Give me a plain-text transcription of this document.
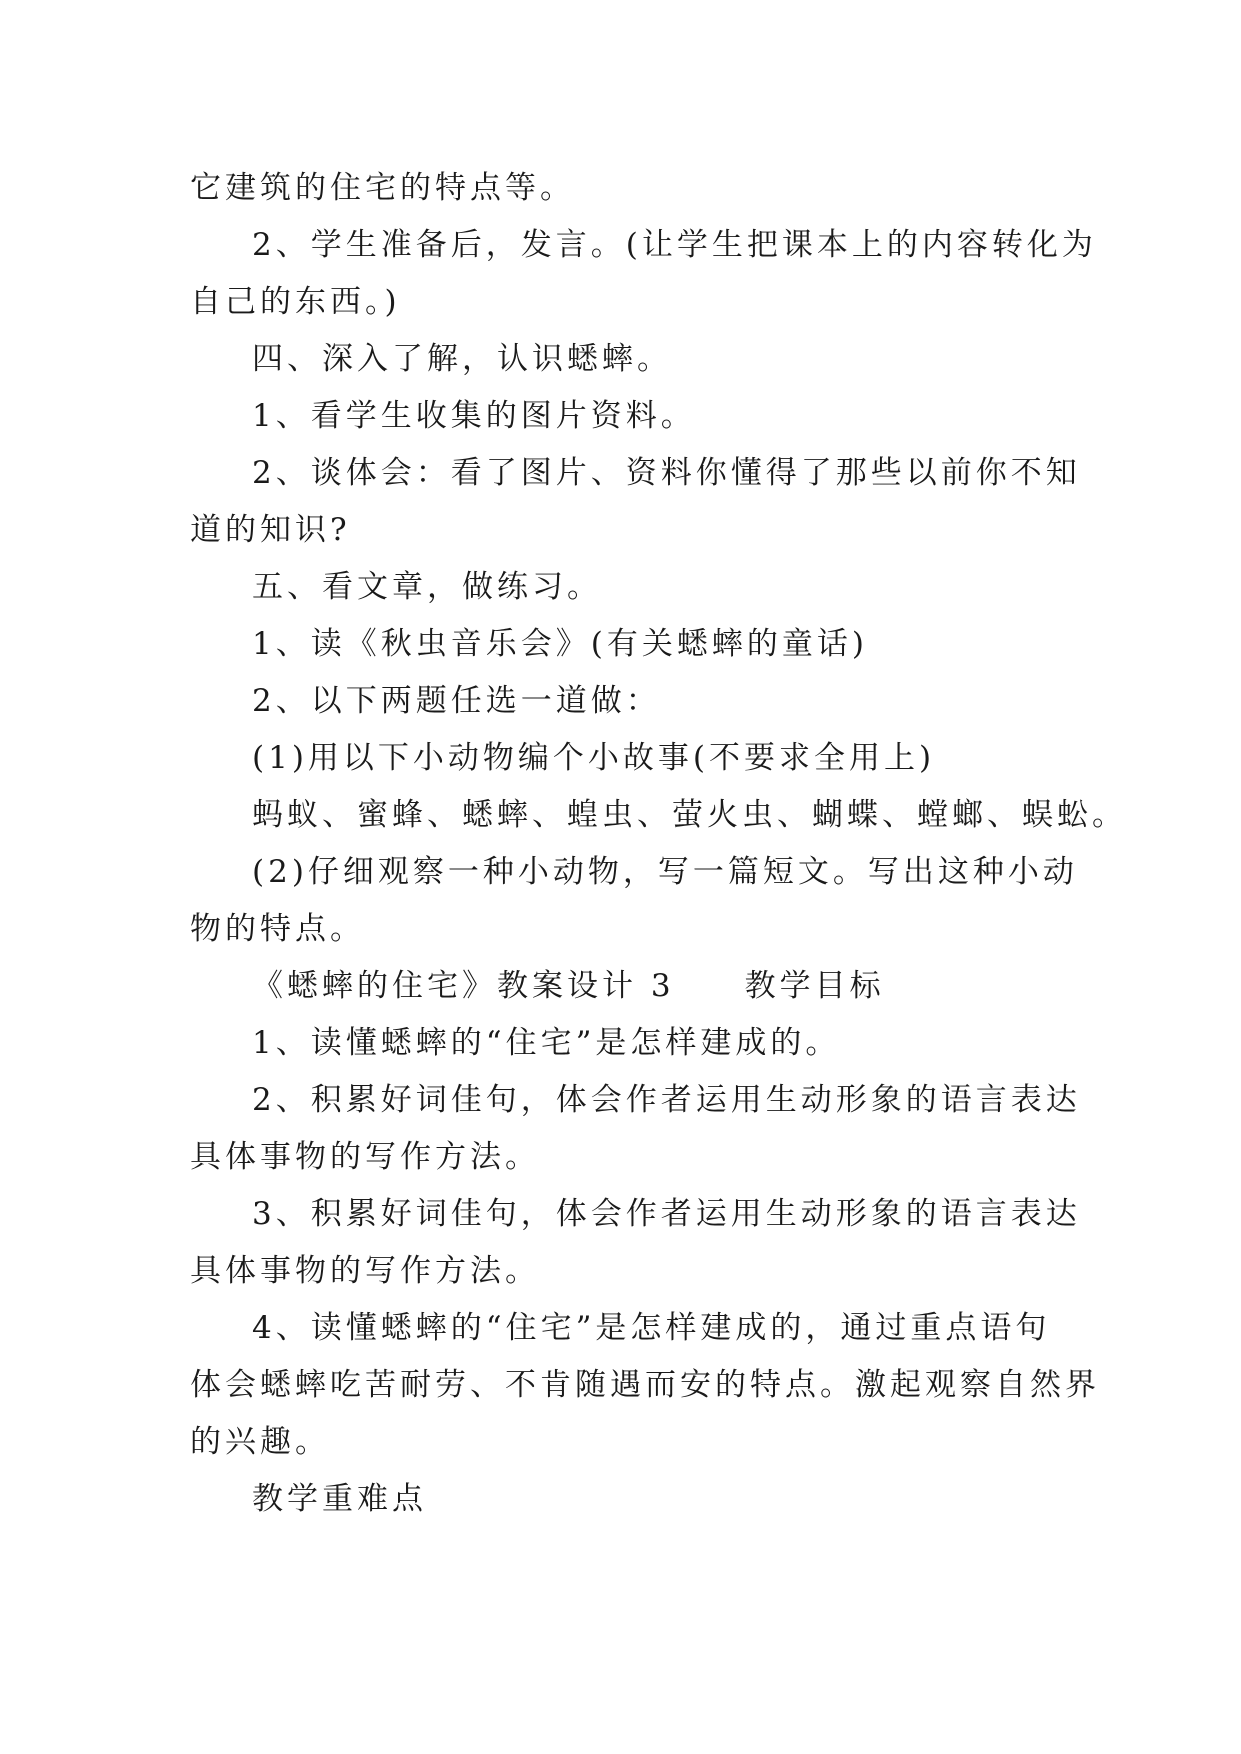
它建筑的住宅的特点等。

2、学生准备后，发言。(让学生把课本上的内容转化为

自己的东西。)

四、深入了解，认识蟋蟀。

1、看学生收集的图片资料。

2、谈体会：看了图片、资料你懂得了那些以前你不知

道的知识?

五、看文章，做练习。

1、读《秋虫音乐会》(有关蟋蟀的童话)

2、以下两题任选一道做：

(1)用以下小动物编个小故事(不要求全用上)

蚂蚁、蜜蜂、蟋蟀、蝗虫、萤火虫、蝴蝶、螳螂、蜈蚣。

(2)仔细观察一种小动物，写一篇短文。写出这种小动

物的特点。

《蟋蟀的住宅》教案设计 3　　教学目标

1、读懂蟋蟀的“住宅”是怎样建成的。

2、积累好词佳句，体会作者运用生动形象的语言表达

具体事物的写作方法。

3、积累好词佳句，体会作者运用生动形象的语言表达

具体事物的写作方法。

4、读懂蟋蟀的“住宅”是怎样建成的，通过重点语句

体会蟋蟀吃苦耐劳、不肯随遇而安的特点。激起观察自然界

的兴趣。

教学重难点
